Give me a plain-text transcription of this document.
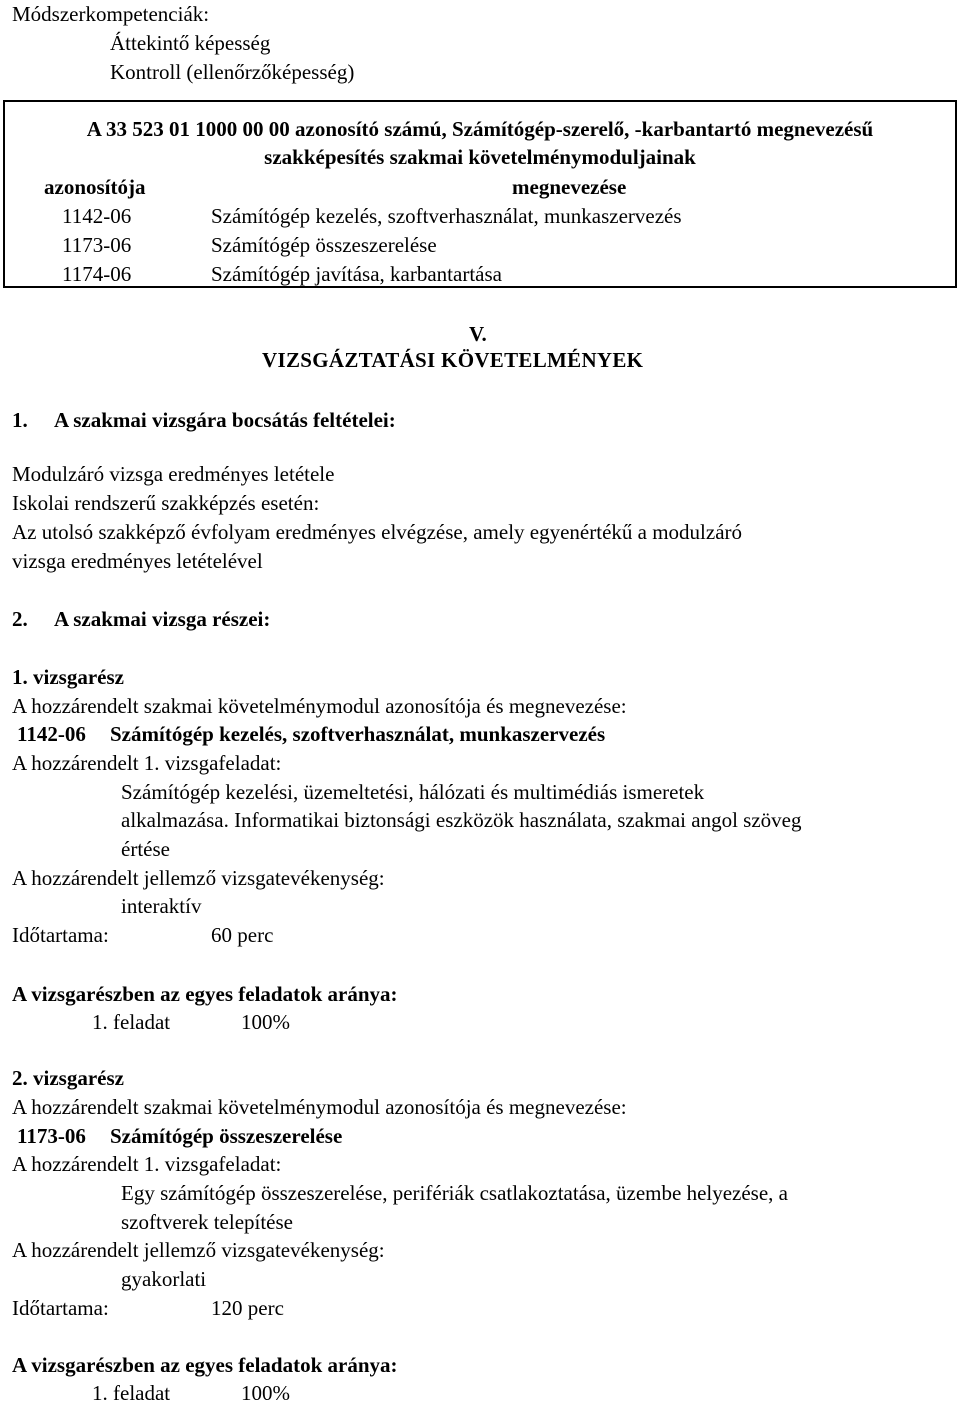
Módszerkompetenciák:
Áttekintő képesség
Kontroll (ellenőrzőképesség)
A 33 523 01 1000 00 00 azonosító számú, Számítógép-szerelő, -karbantartó megnevezésű
szakképesítés szakmai követelménymoduljainak
azonosítója	megnevezése
1142-06	Számítógép kezelés, szoftverhasználat, munkaszervezés
1173-06	Számítógép összeszerelése
1174-06	Számítógép javítása, karbantartása
V.
VIZSGÁZTATÁSI KÖVETELMÉNYEK
1. A szakmai vizsgára bocsátás feltételei:
Modulzáró vizsga eredményes letétele
Iskolai rendszerű szakképzés esetén:
Az utolsó szakképző évfolyam eredményes elvégzése, amely egyenértékű a modulzáró
vizsga eredményes letételével
2. A szakmai vizsga részei:
1. vizsgarész
A hozzárendelt szakmai követelménymodul azonosítója és megnevezése:
1142-06 Számítógép kezelés, szoftverhasználat, munkaszervezés
A hozzárendelt 1. vizsgafeladat:
Számítógép kezelési, üzemeltetési, hálózati és multimédiás ismeretek
alkalmazása. Informatikai biztonsági eszközök használata, szakmai angol szöveg
értése
A hozzárendelt jellemző vizsgatevékenység:
interaktív
Időtartama:	60 perc
A vizsgarészben az egyes feladatok aránya:
1. feladat	100%
2. vizsgarész
A hozzárendelt szakmai követelménymodul azonosítója és megnevezése:
1173-06 Számítógép összeszerelése
A hozzárendelt 1. vizsgafeladat:
Egy számítógép összeszerelése, perifériák csatlakoztatása, üzembe helyezése, a
szoftverek telepítése
A hozzárendelt jellemző vizsgatevékenység:
gyakorlati
Időtartama:	120 perc
A vizsgarészben az egyes feladatok aránya:
1. feladat	100%
